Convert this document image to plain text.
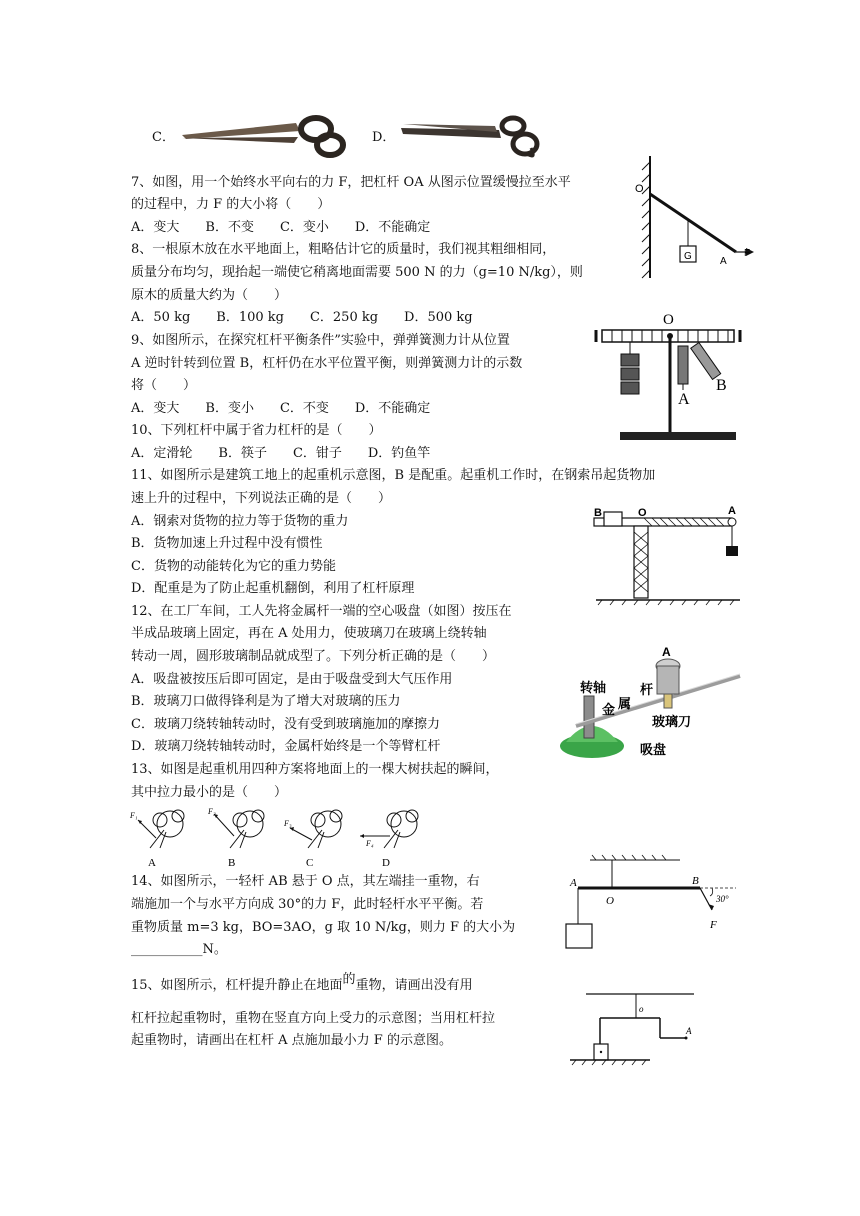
C．	D．
7、如图，用一个始终水平向右的力 F，把杠杆 OA 从图示位置缓慢拉至水平
的过程中，力 F 的大小将（　　）
A．变大　　B．不变　　C．变小　　D．不能确定
O
G	A
F
8、一根原木放在水平地面上，粗略估计它的质量时，我们视其粗细相同，
质量分布均匀，现抬起一端使它稍离地面需要 500 N 的力（g=10 N/kg），则
原木的质量大约为（　　）
A．50 kg　　B．100 kg　　C．250 kg　　D．500 kg
9、如图所示，在探究杠杆平衡条件”实验中，弹弹簧测力计从位置
A 逆时针转到位置 B，杠杆仍在水平位置平衡，则弹簧测力计的示数
将（　　）
A．变大　　B．变小　　C．不变　　D．不能确定
A
B
O
10、下列杠杆中属于省力杠杆的是（　　）
A．定滑轮　　B．筷子　　C．钳子　　D．钓鱼竿
11、如图所示是建筑工地上的起重机示意图，B 是配重。起重机工作时，在钢索吊起货物加
速上升的过程中，下列说法正确的是（　　）
A．钢索对货物的拉力等于货物的重力
B．货物加速上升过程中没有惯性
C．货物的动能转化为它的重力势能
D．配重是为了防止起重机翻倒，利用了杠杆原理
B	O	A
12、在工厂车间，工人先将金属杆一端的空心吸盘（如图）按压在
半成品玻璃上固定，再在 A 处用力，使玻璃刀在玻璃上绕转轴
转动一周，圆形玻璃制品就成型了。下列分析正确的是（　　）
A．吸盘被按压后即可固定，是由于吸盘受到大气压作用
B．玻璃刀口做得锋利是为了增大对玻璃的压力
C．玻璃刀绕转轴转动时，没有受到玻璃施加的摩擦力
D．玻璃刀绕转轴转动时，金属杆始终是一个等臂杠杆
A
转轴
金 属
杆
玻璃刀
吸盘
13、如图是起重机用四种方案将地面上的一棵大树扶起的瞬间，
其中拉力最小的是（　　）
F₁	F₂
F₃
F₄
A	B	C	D
14、如图所示，一轻杆 AB 悬于 O 点，其左端挂一重物，右
端施加一个与水平方向成 30°的力 F，此时轻杆水平平衡。若
重物质量 m=3 kg，BO=3AO，g 取 10 N/kg，则力 F 的大小为
___________N。
A
O
B
30°
F
15、如图所示，杠杆提升静止在地面的重物，请画出没有用
杠杆拉起重物时，重物在竖直方向上受力的示意图；当用杠杆拉
起重物时，请画出在杠杆 A 点施加最小力 F 的示意图。
o
A
